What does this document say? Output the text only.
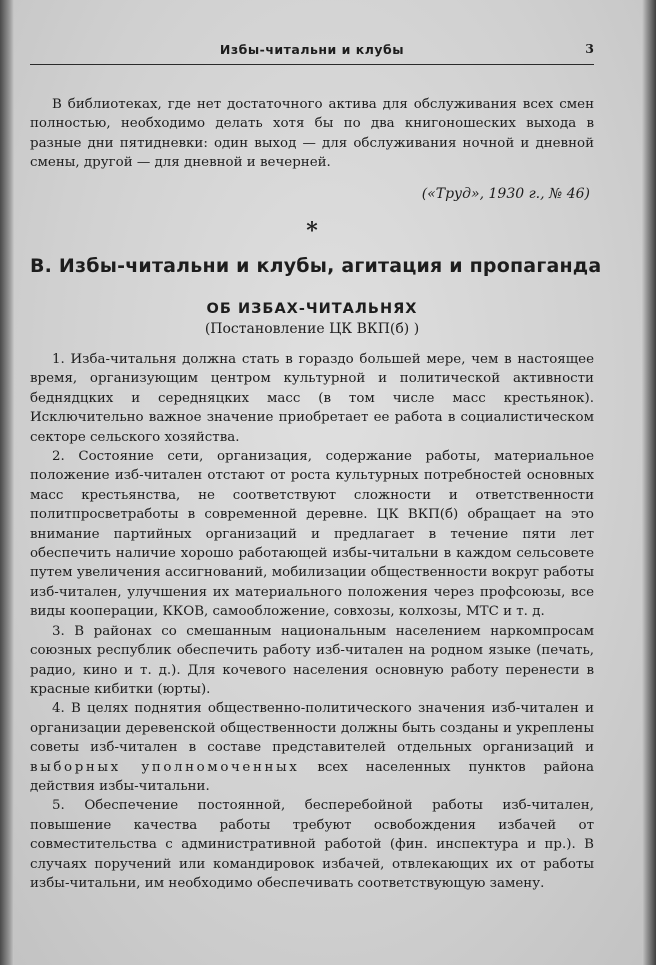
Избы-читальни и клубы	3

В библиотеках, где нет достаточного актива для обслуживания всех смен полностью, необходимо делать хотя бы по два книгоношеских выхода в разные дни пятидневки: один выход — для обслуживания ночной и дневной смены, другой — для дневной и вечерней.

(«Труд», 1930 г., № 46)
*
В. Избы-читальни и клубы, агитация и пропаганда
ОБ ИЗБАХ-ЧИТАЛЬНЯХ
(Постановление ЦК ВКП(б) )

1. Изба-читальня должна стать в гораздо большей мере, чем в настоящее время, организующим центром культурной и политической активности беднядцких и середняцких масс (в том числе масс крестьянок). Исключительно важное значение приобретает ее работа в социалистическом секторе сельского хозяйства.

2. Состояние сети, организация, содержание работы, материальное положение изб-читален отстают от роста культурных потребностей основных масс крестьянства, не соответствуют сложности и ответственности политпросветработы в современной деревне. ЦК ВКП(б) обращает на это внимание партийных организаций и предлагает в течение пяти лет обеспечить наличие хорошо работающей избы-читальни в каждом сельсовете путем увеличения ассигнований, мобилизации общественности вокруг работы изб-читален, улучшения их материального положения через профсоюзы, все виды кооперации, ККОВ, самообложение, совхозы, колхозы, МТС и т. д.

3. В районах со смешанным национальным населением наркомпросам союзных республик обеспечить работу изб-читален на родном языке (печать, радио, кино и т. д.). Для кочевого населения основную работу перенести в красные кибитки (юрты).

4. В целях поднятия общественно-политического значения изб-читален и организации деревенской общественности должны быть созданы и укреплены советы изб-читален в составе представителей отдельных организаций и выборных уполномоченных всех населенных пунктов района действия избы-читальни.

5. Обеспечение постоянной, бесперебойной работы изб-читален, повышение качества работы требуют освобождения избачей от совместительства с административной работой (фин. инспектура и пр.). В случаях поручений или командировок избачей, отвлекающих их от работы избы-читальни, им необходимо обеспечивать соответствующую замену.
